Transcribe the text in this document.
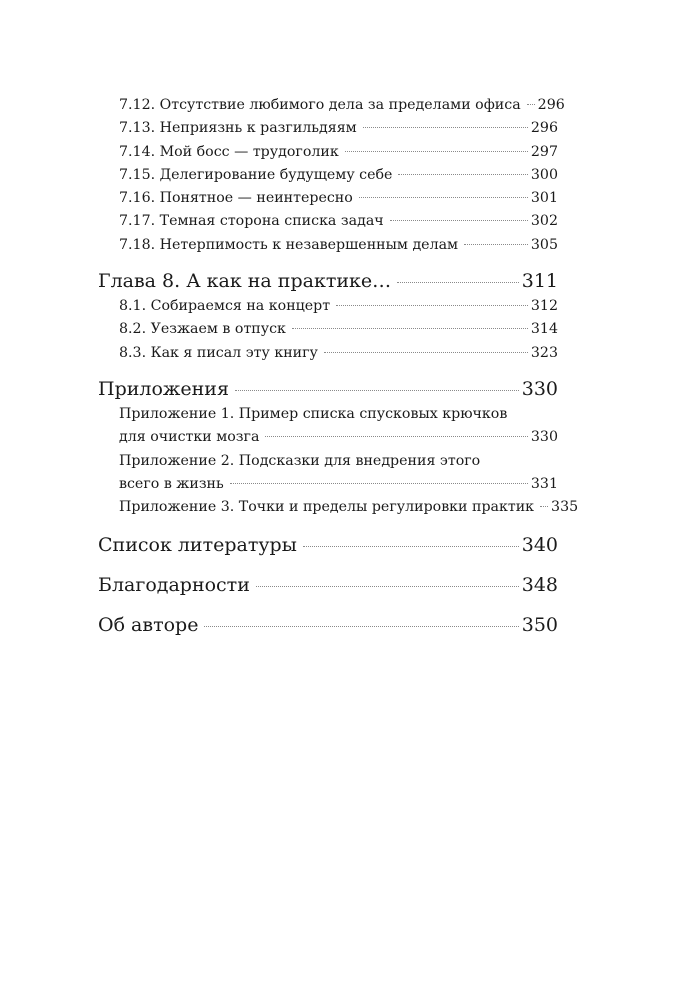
7.12. Отсутствие любимого дела за пределами офиса 296
7.13. Неприязнь к разгильдяям	296
7.14. Мой босс — трудоголик	297
7.15. Делегирование будущему себе	300
7.16. Понятное — неинтересно	301
7.17. Темная сторона списка задач	302
7.18. Нетерпимость к незавершенным делам	305
Глава 8. А как на практике…	311
8.1. Собираемся на концерт	312
8.2. Уезжаем в отпуск	314
8.3. Как я писал эту книгу	323
Приложения	330
Приложение 1. Пример списка спусковых крючков
для очистки мозга	330
Приложение 2. Подсказки для внедрения этого
всего в жизнь	331
Приложение 3. Точки и пределы регулировки практик 335
Список литературы	340
Благодарности	348
Об авторе	350
